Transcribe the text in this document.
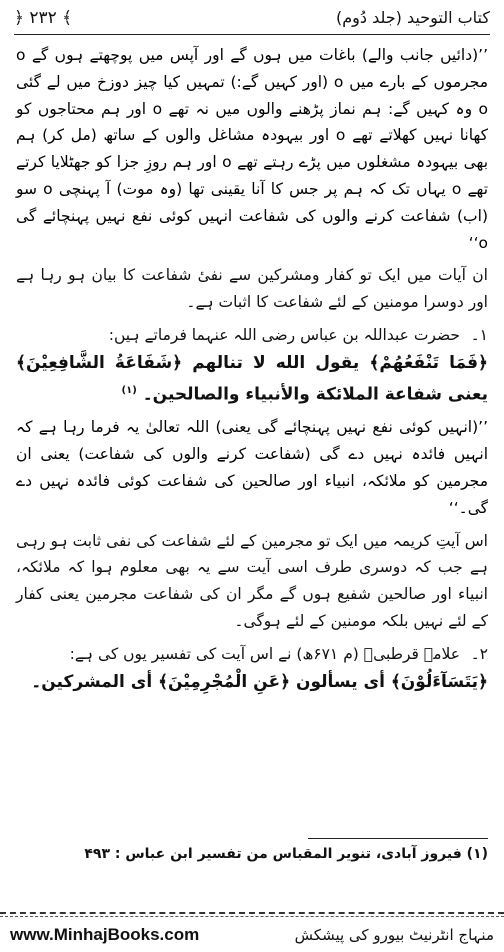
﴿ ۲۳۲ ﴾	کتاب التوحید (جلد دُوم)

’’(دائیں جانب والے) باغات میں ہوں گے اور آپس میں پوچھتے ہوں گے o مجرموں کے بارے میں o (اور کہیں گے:) تمہیں کیا چیز دوزخ میں لے گئی o وہ کہیں گے: ہم نماز پڑھنے والوں میں نہ تھے o اور ہم محتاجوں کو کھانا نہیں کھلاتے تھے o اور بیہودہ مشاغل والوں کے ساتھ (مل کر) ہم بھی بیہودہ مشغلوں میں پڑے رہتے تھے o اور ہم روزِ جزا کو جھٹلایا کرتے تھے o یہاں تک کہ ہم پر جس کا آنا یقینی تھا (وہ موت) آ پہنچی o سو (اب) شفاعت کرنے والوں کی شفاعت انہیں کوئی نفع نہیں پہنچائے گی o‘‘

ان آیات میں ایک تو کفار ومشرکین سے نفیٔ شفاعت کا بیان ہو رہا ہے اور دوسرا مومنین کے لئے شفاعت کا اثبات ہے۔

۱۔
حضرت عبداللہ بن عباس رضی اللہ عنہما فرماتے ہیں:

﴿فَمَا تَنْفَعُهُمْ﴾ يقول الله لا تنالهم ﴿شَفَاعَةُ الشَّافِعِيْنَ﴾ يعنى شفاعة الملائكة والأنبياء والصالحين۔ $^{(۱)}$

’’(انہیں کوئی نفع نہیں پہنچائے گی یعنی) اللہ تعالیٰ یہ فرما رہا ہے کہ انہیں فائدہ نہیں دے گی (شفاعت کرنے والوں کی شفاعت) یعنی ان مجرمین کو ملائکہ، انبیاء اور صالحین کی شفاعت کوئی فائدہ نہیں دے گی۔‘‘

اس آیتِ کریمہ میں ایک تو مجرمین کے لئے شفاعت کی نفی ثابت ہو رہی ہے جب کہ دوسری طرف اسی آیت سے یہ بھی معلوم ہوا کہ ملائکہ، انبیاء اور صالحین شفیع ہوں گے مگر ان کی شفاعت مجرمین یعنی کفار کے لئے نہیں بلکہ مومنین کے لئے ہوگی۔

۲۔
علامہ قرطبیؒ (م ۶۷۱ھ) نے اس آیت کی تفسیر یوں کی ہے:

﴿يَتَسَآءَلُوْنَ﴾ أى يسألون ﴿عَنِ الْمُجْرِمِيْنَ﴾ أى المشركين۔

(۱) فیروز آبادی، تنویر المقباس من تفسیر ابن عباس : ۴۹۳
www.MinhajBooks.com	منہاج انٹرنیٹ بیورو کی پیشکش
